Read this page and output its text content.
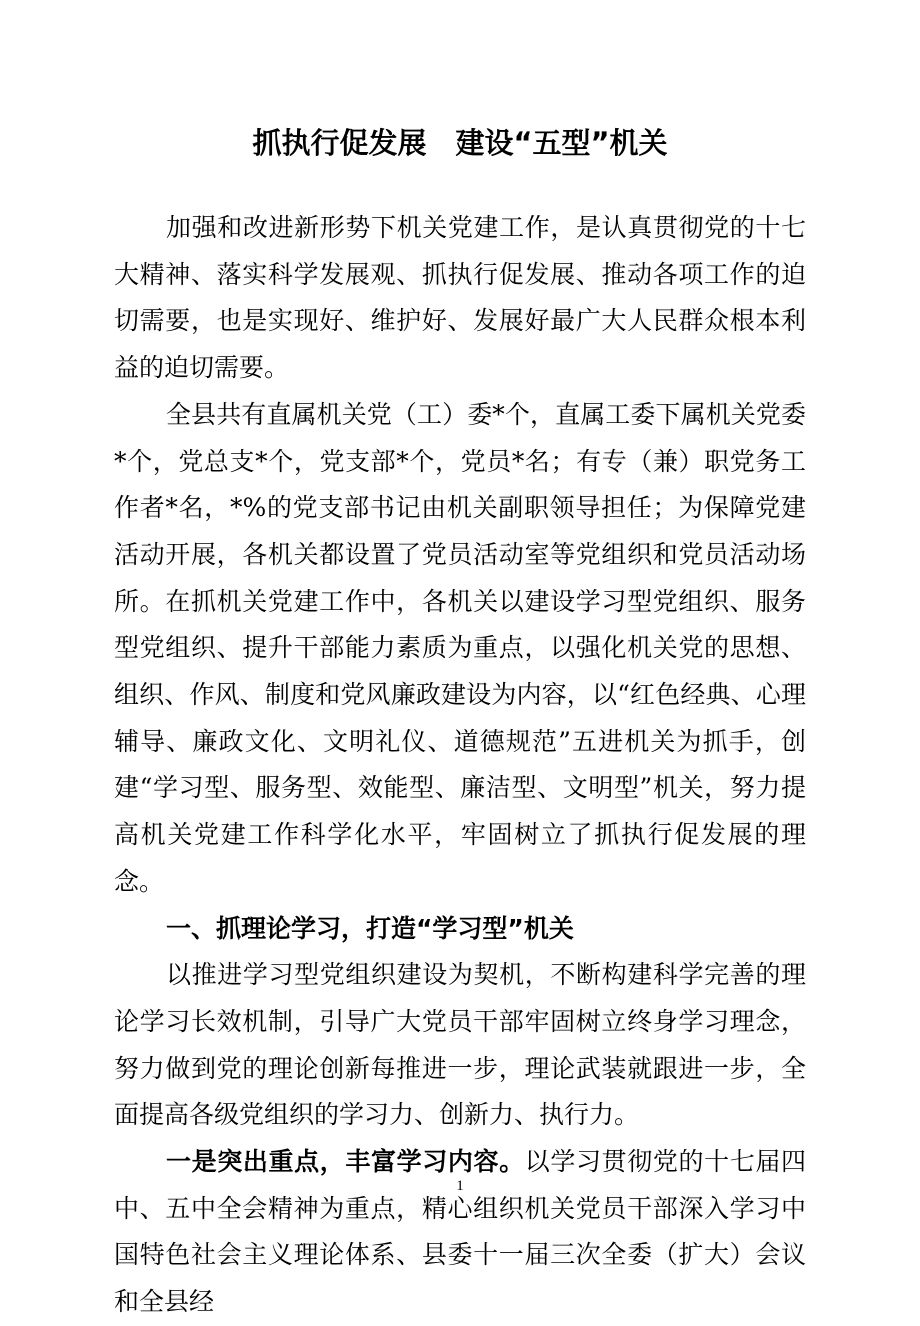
抓执行促发展　建设“五型”机关

加强和改进新形势下机关党建工作，是认真贯彻党的十七大精神、落实科学发展观、抓执行促发展、推动各项工作的迫切需要，也是实现好、维护好、发展好最广大人民群众根本利益的迫切需要。

全县共有直属机关党（工）委*个，直属工委下属机关党委*个，党总支*个，党支部*个，党员*名；有专（兼）职党务工作者*名，*%的党支部书记由机关副职领导担任；为保障党建活动开展，各机关都设置了党员活动室等党组织和党员活动场所。在抓机关党建工作中，各机关以建设学习型党组织、服务型党组织、提升干部能力素质为重点，以强化机关党的思想、组织、作风、制度和党风廉政建设为内容，以“红色经典、心理辅导、廉政文化、文明礼仪、道德规范”五进机关为抓手，创建“学习型、服务型、效能型、廉洁型、文明型”机关，努力提高机关党建工作科学化水平，牢固树立了抓执行促发展的理念。

一、抓理论学习，打造“学习型”机关

以推进学习型党组织建设为契机，不断构建科学完善的理论学习长效机制，引导广大党员干部牢固树立终身学习理念，努力做到党的理论创新每推进一步，理论武装就跟进一步，全面提高各级党组织的学习力、创新力、执行力。

一是突出重点，丰富学习内容。以学习贯彻党的十七届四中、五中全会精神为重点，精心组织机关党员干部深入学习中国特色社会主义理论体系、县委十一届三次全委（扩大）会议和全县经

1
